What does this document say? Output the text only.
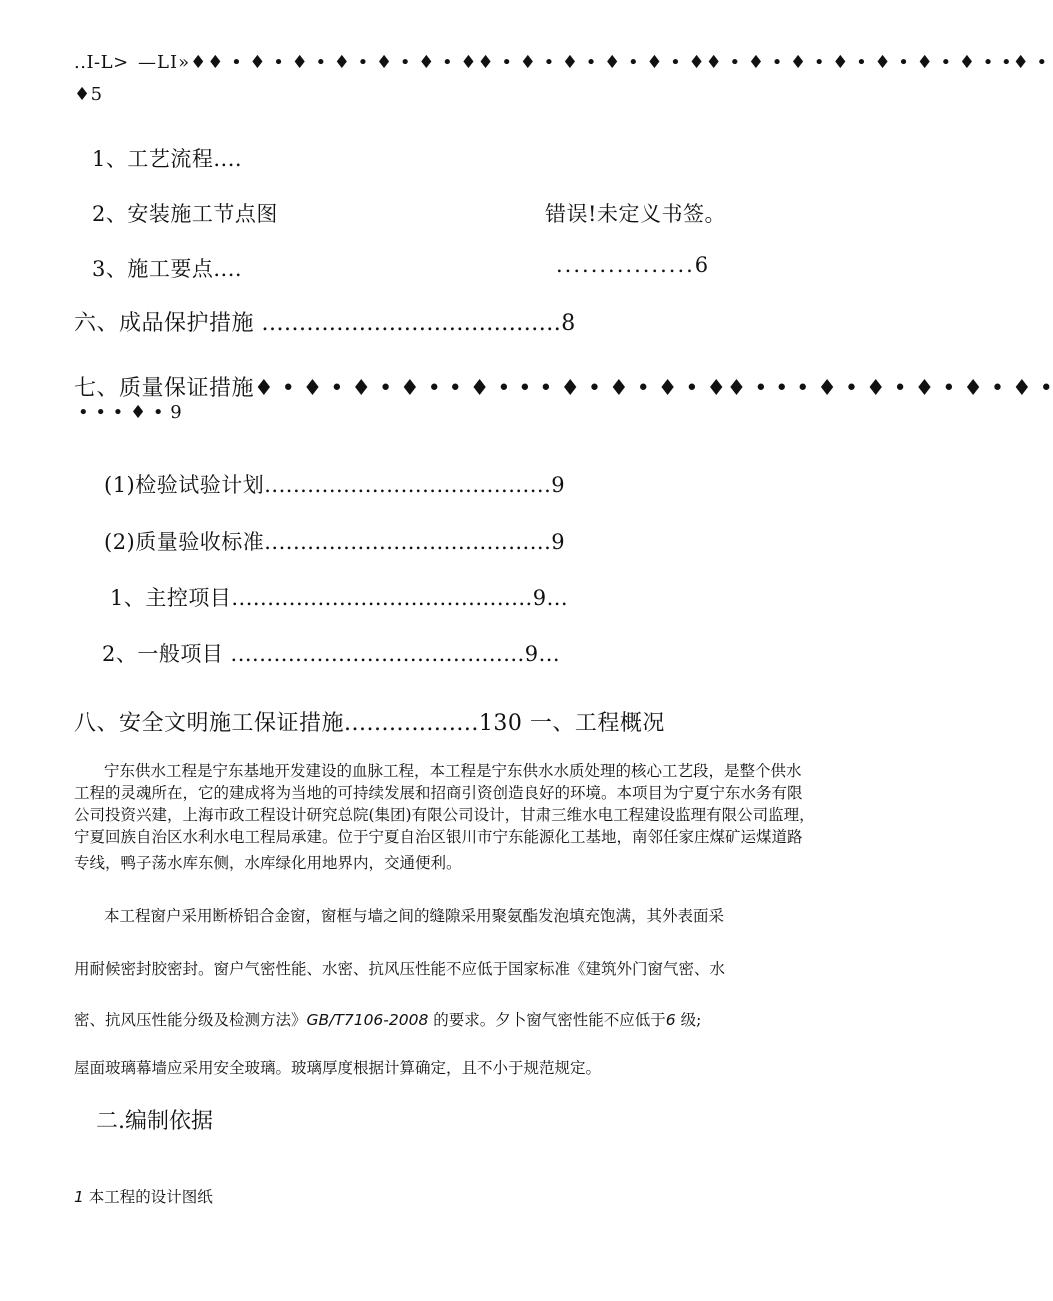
..I-L> —LI»♦♦ • ♦ • ♦ • ♦ • ♦ • ♦ • ♦♦ • ♦ • ♦ • ♦ • ♦ • ♦♦ • ♦ • ♦ • ♦ • ♦ • ♦ • ♦ • •♦ •
♦5
1、工艺流程....
2、安装施工节点图	错误!未定义书签。
3、施工要点....	................6
六、成品保护措施 ........................................8
七、质量保证措施♦ • ♦ • ♦ • ♦ • • ♦ • • • ♦ • ♦ • ♦ • ♦♦ • • • ♦ • ♦ • ♦ • ♦ • ♦ •
• • • ♦ • 9
(1)检验试验计划........................................9
(2)质量验收标准........................................9
1、主控项目..........................................9...
2、一般项目 .........................................9...
八、安全文明施工保证措施..................130 一、工程概况
宁东供水工程是宁东基地开发建设的血脉工程，本工程是宁东供水水质处理的核心工艺段，是整个供水
工程的灵魂所在，它的建成将为当地的可持续发展和招商引资创造良好的环境。本项目为宁夏宁东水务有限
公司投资兴建，上海市政工程设计研究总院(集团)有限公司设计，甘肃三维水电工程建设监理有限公司监理，
宁夏回族自治区水利水电工程局承建。位于宁夏自治区银川市宁东能源化工基地，南邻任家庄煤矿运煤道路
专线，鸭子荡水库东侧，水库绿化用地界内，交通便利。
本工程窗户采用断桥铝合金窗，窗框与墙之间的缝隙采用聚氨酯发泡填充饱满，其外表面采
用耐候密封胶密封。窗户气密性能、水密、抗风压性能不应低于国家标准《建筑外门窗气密、水
密、抗风压性能分级及检测方法》GB/T7106-2008 的要求。夕卜窗气密性能不应低于6 级;
屋面玻璃幕墙应采用安全玻璃。玻璃厚度根据计算确定，且不小于规范规定。
二.编制依据
1 本工程的设计图纸
